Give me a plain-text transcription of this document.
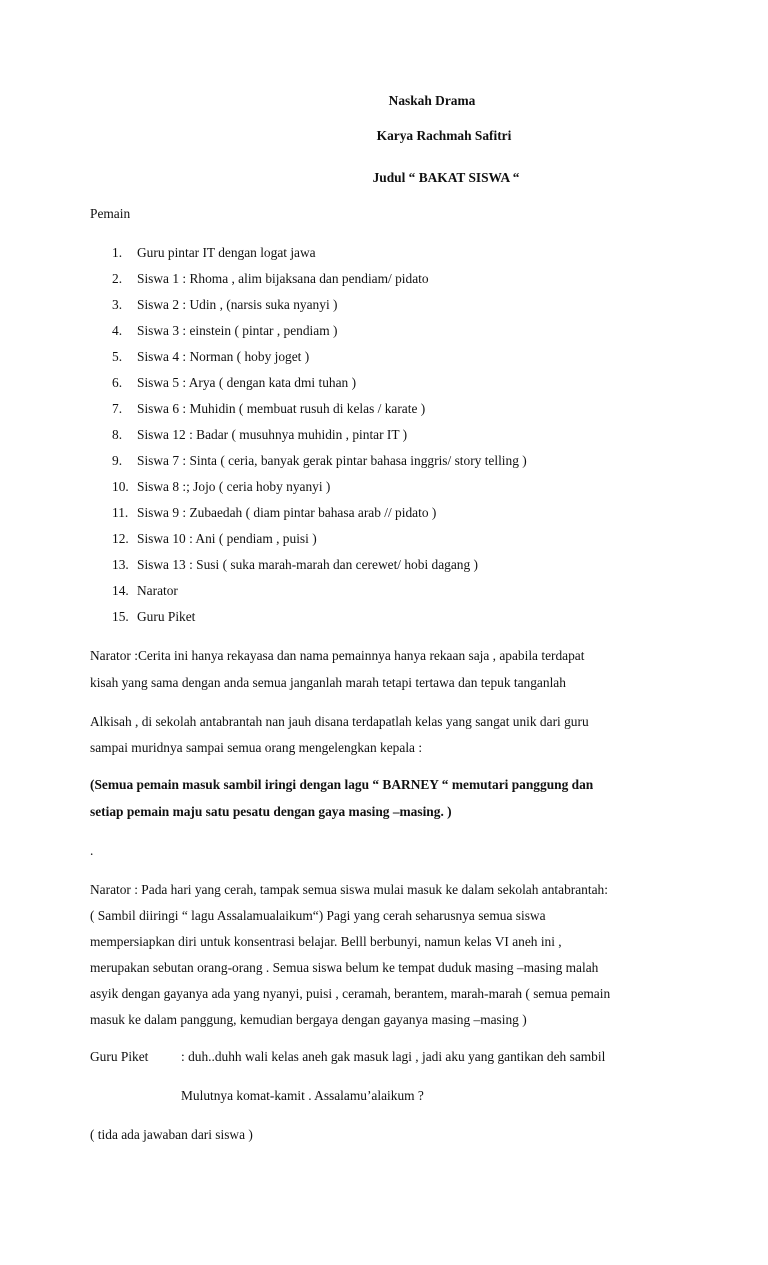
Naskah Drama
Karya Rachmah Safitri
Judul “ BAKAT SISWA “
Pemain
1. Guru pintar IT dengan logat jawa
2. Siswa 1 : Rhoma , alim bijaksana dan pendiam/ pidato
3. Siswa 2 : Udin , (narsis suka nyanyi )
4. Siswa 3 : einstein ( pintar , pendiam )
5. Siswa 4 : Norman ( hoby joget )
6. Siswa 5 : Arya ( dengan kata dmi tuhan )
7. Siswa 6 : Muhidin ( membuat rusuh di kelas / karate )
8. Siswa 12 : Badar ( musuhnya muhidin , pintar IT )
9. Siswa 7 : Sinta ( ceria, banyak gerak pintar bahasa inggris/ story telling )
10. Siswa 8 :; Jojo ( ceria hoby nyanyi )
11. Siswa 9 : Zubaedah ( diam pintar bahasa arab // pidato )
12. Siswa 10 : Ani ( pendiam , puisi )
13. Siswa 13 : Susi ( suka marah-marah dan cerewet/ hobi dagang )
14. Narator
15. Guru Piket
Narator :Cerita ini hanya rekayasa dan nama pemainnya hanya rekaan saja , apabila terdapat
kisah yang sama dengan anda semua janganlah marah tetapi tertawa dan tepuk tanganlah
Alkisah , di sekolah antabrantah nan jauh disana terdapatlah kelas yang sangat unik dari guru
sampai muridnya sampai semua orang mengelengkan kepala :
(Semua pemain masuk sambil iringi dengan lagu “ BARNEY “ memutari panggung dan
setiap pemain maju satu pesatu dengan gaya masing –masing. )
.
Narator : Pada hari yang cerah, tampak semua siswa mulai masuk ke dalam sekolah antabrantah:
( Sambil diiringi “ lagu Assalamualaikum“) Pagi yang cerah seharusnya semua siswa
mempersiapkan diri untuk konsentrasi belajar. Belll berbunyi, namun kelas VI aneh ini ,
merupakan sebutan orang-orang . Semua siswa belum ke tempat duduk masing –masing malah
asyik dengan gayanya ada yang nyanyi, puisi , ceramah, berantem, marah-marah ( semua pemain
masuk ke dalam panggung, kemudian bergaya dengan gayanya masing –masing )
Guru Piket : duh..duhh wali kelas aneh gak masuk lagi , jadi aku yang gantikan deh sambil
Mulutnya komat-kamit . Assalamu’alaikum ?
( tida ada jawaban dari siswa )
